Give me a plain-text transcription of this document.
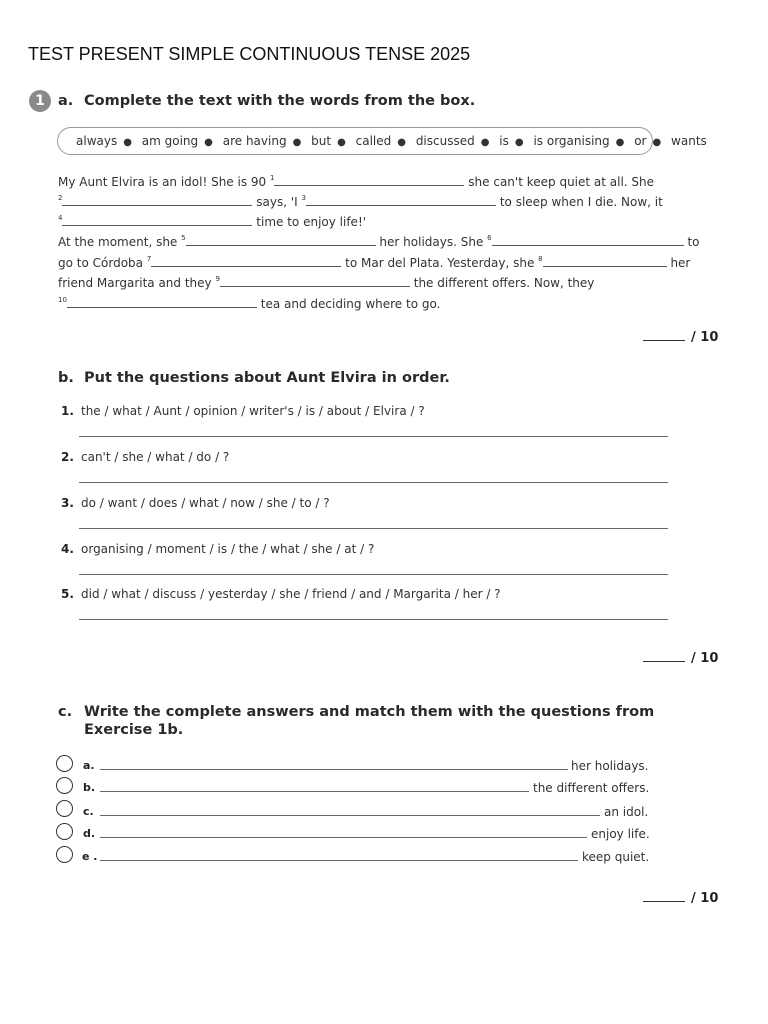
TEST PRESENT SIMPLE CONTINUOUS TENSE 2025
1 a. Complete the text with the words from the box.
always ● am going ● are having ● but ● called ● discussed ● is ● is organising ● or ● wants
My Aunt Elvira is an idol! She is 90 $^1$	she can't keep quiet at all. She
$^2$	says, 'I $^3$	to sleep when I die. Now, it
$^4$	time to enjoy life!'
At the moment, she $^5$	her holidays. She $^6$	to
go to Córdoba $^7$	to Mar del Plata. Yesterday, she $^8$	her
friend Margarita and they $^9$	the different offers. Now, they
$^{10}$	tea and deciding where to go.
/ 10
b. Put the questions about Aunt Elvira in order.
1. the / what / Aunt / opinion / writer's / is / about / Elvira / ?
2. can't / she / what / do / ?
3. do / want / does / what / now / she / to / ?
4. organising / moment / is / the / what / she / at / ?
5. did / what / discuss / yesterday / she / friend / and / Margarita / her / ?
/ 10
c. Write the complete answers and match them with the questions from
Exercise 1b.
a.	her holidays.
b.	the different offers.
c.	an idol.
d.	enjoy life.
e .	keep quiet.
/ 10
